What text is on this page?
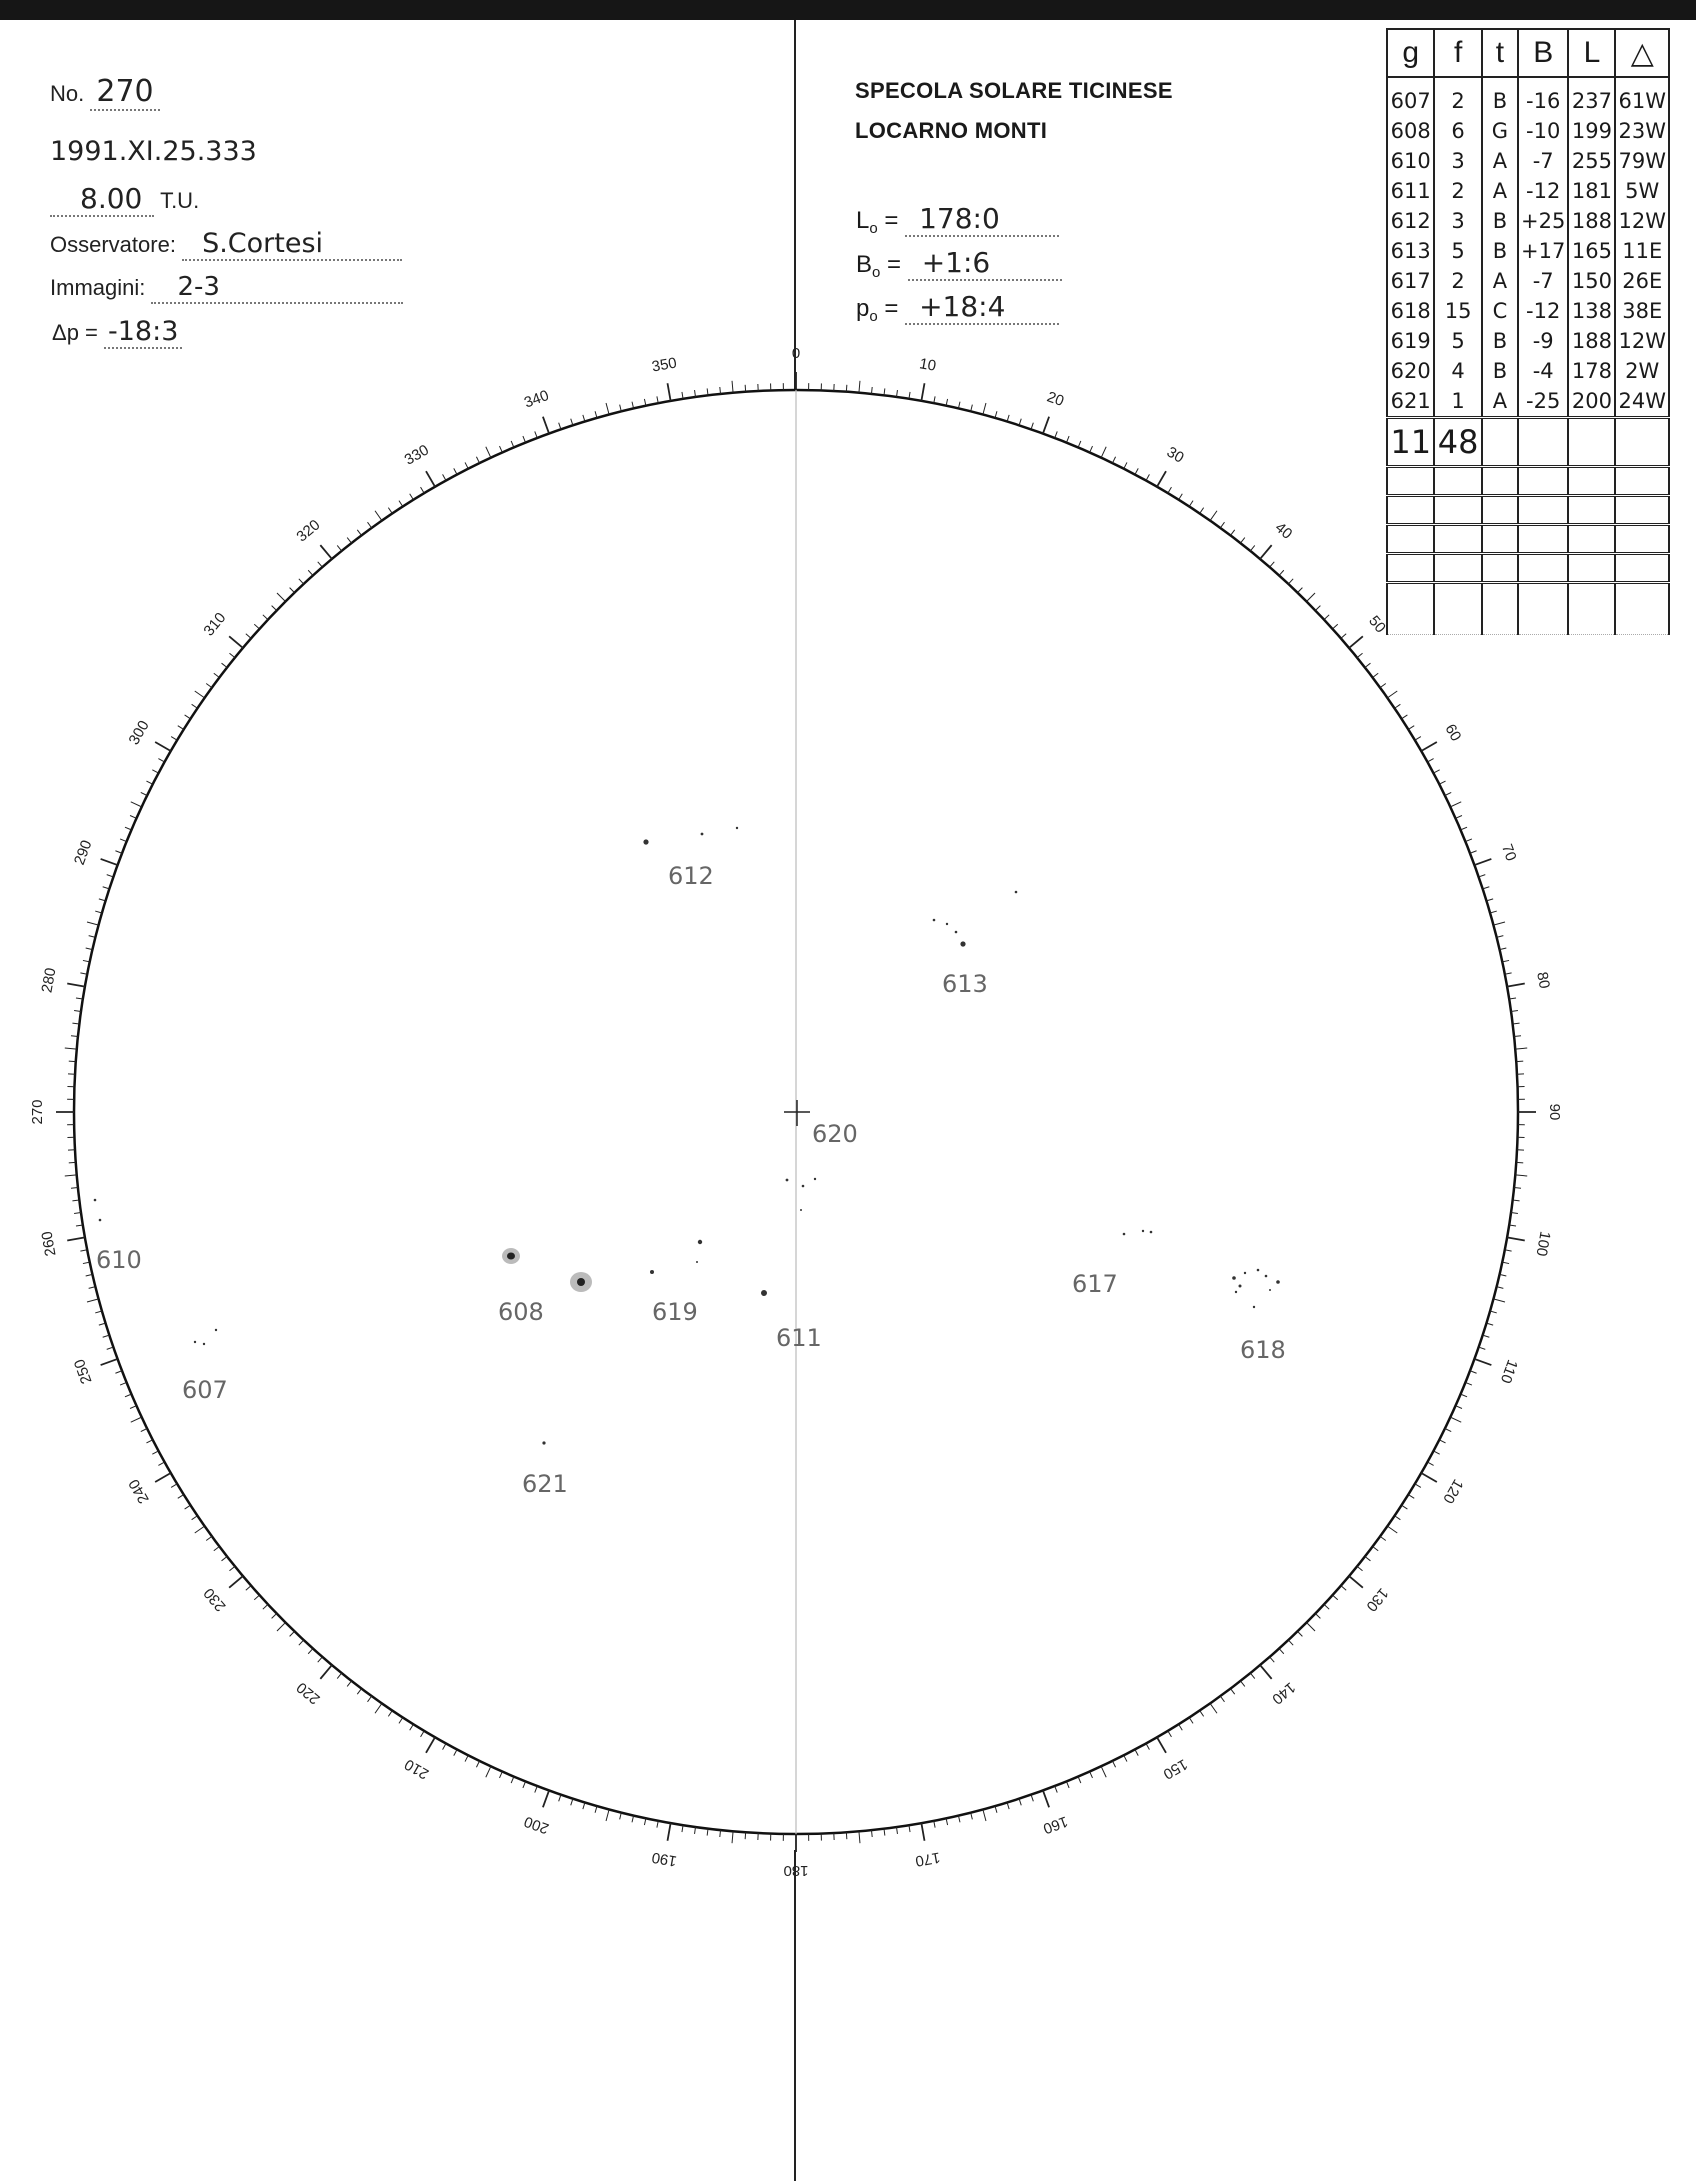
No. 270
1991.XI.25.333
8.00 T.U.
Osservatore: S.Cortesi
Immagini: 2-3
Δp = -18:3
SPECOLA SOLARE TICINESE
LOCARNO MONTI
$L_o$ = 178:0
$B_o$ = +1:6
$p_o$ = +18:4
g	f	t	B	L	△
607	2	B	-16	237	61W
608	6	G	-10	199	23W
610	3	A	-7	255	79W
611	2	A	-12	181	5W
612	3	B	+25	188	12W
613	5	B	+17	165	11E
617	2	A	-7	150	26E
618	15	C	-12	138	38E
619	5	B	-9	188	12W
620	4	B	-4	178	2W
621	1	A	-25	200	24W
11	48				

0
10
20
30
40
50
60
70
80
90
100
110
120
130
140
150
160
170
180
190
200
210
220
230
240
250
260
270
280
290
300
310
320
330
340
350
612
613
620
610
608	619
611
617
618
607
621
